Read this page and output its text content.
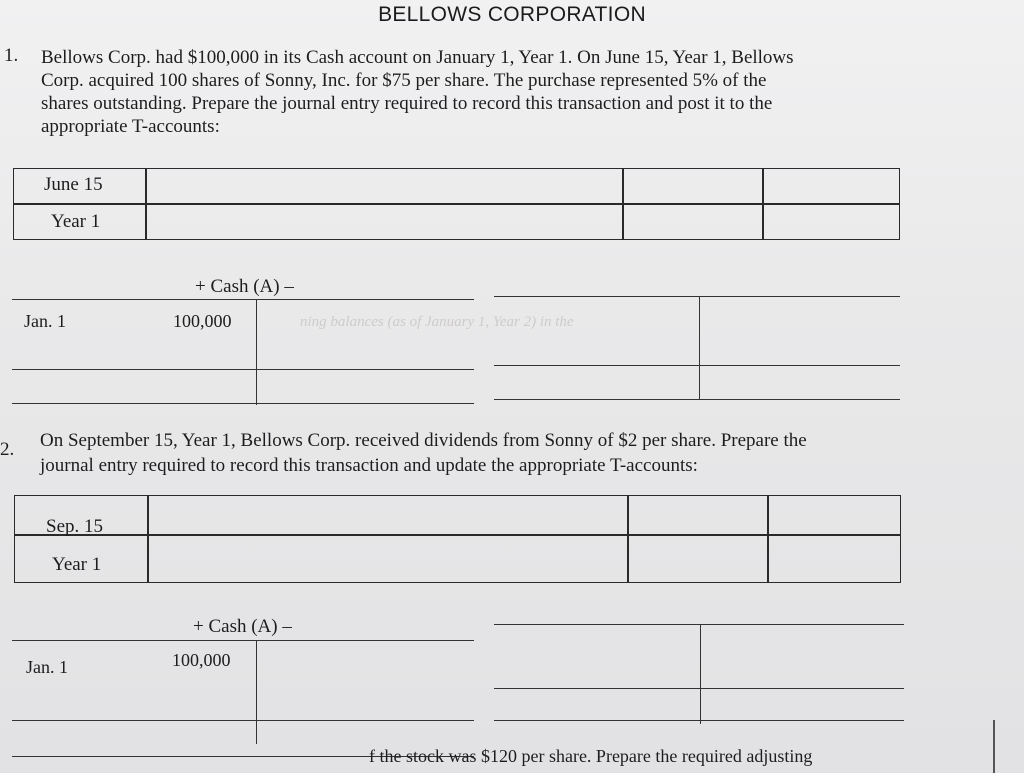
BELLOWS CORPORATION
1. Bellows Corp. had $100,000 in its Cash account on January 1, Year 1. On June 15, Year 1, Bellows
Corp. acquired 100 shares of Sonny, Inc. for $75 per share. The purchase represented 5% of the
shares outstanding. Prepare the journal entry required to record this transaction and post it to the
appropriate T-accounts:
June 15
Year 1
+ Cash (A) –
Jan. 1	100,000	ning balances (as of January 1, Year 2) in the
2. On September 15, Year 1, Bellows Corp. received dividends from Sonny of $2 per share. Prepare the
journal entry required to record this transaction and update the appropriate T-accounts:
Sep. 15
Year 1
+ Cash (A) –
Jan. 1	100,000
f the stock was $120 per share. Prepare the required adjusting
